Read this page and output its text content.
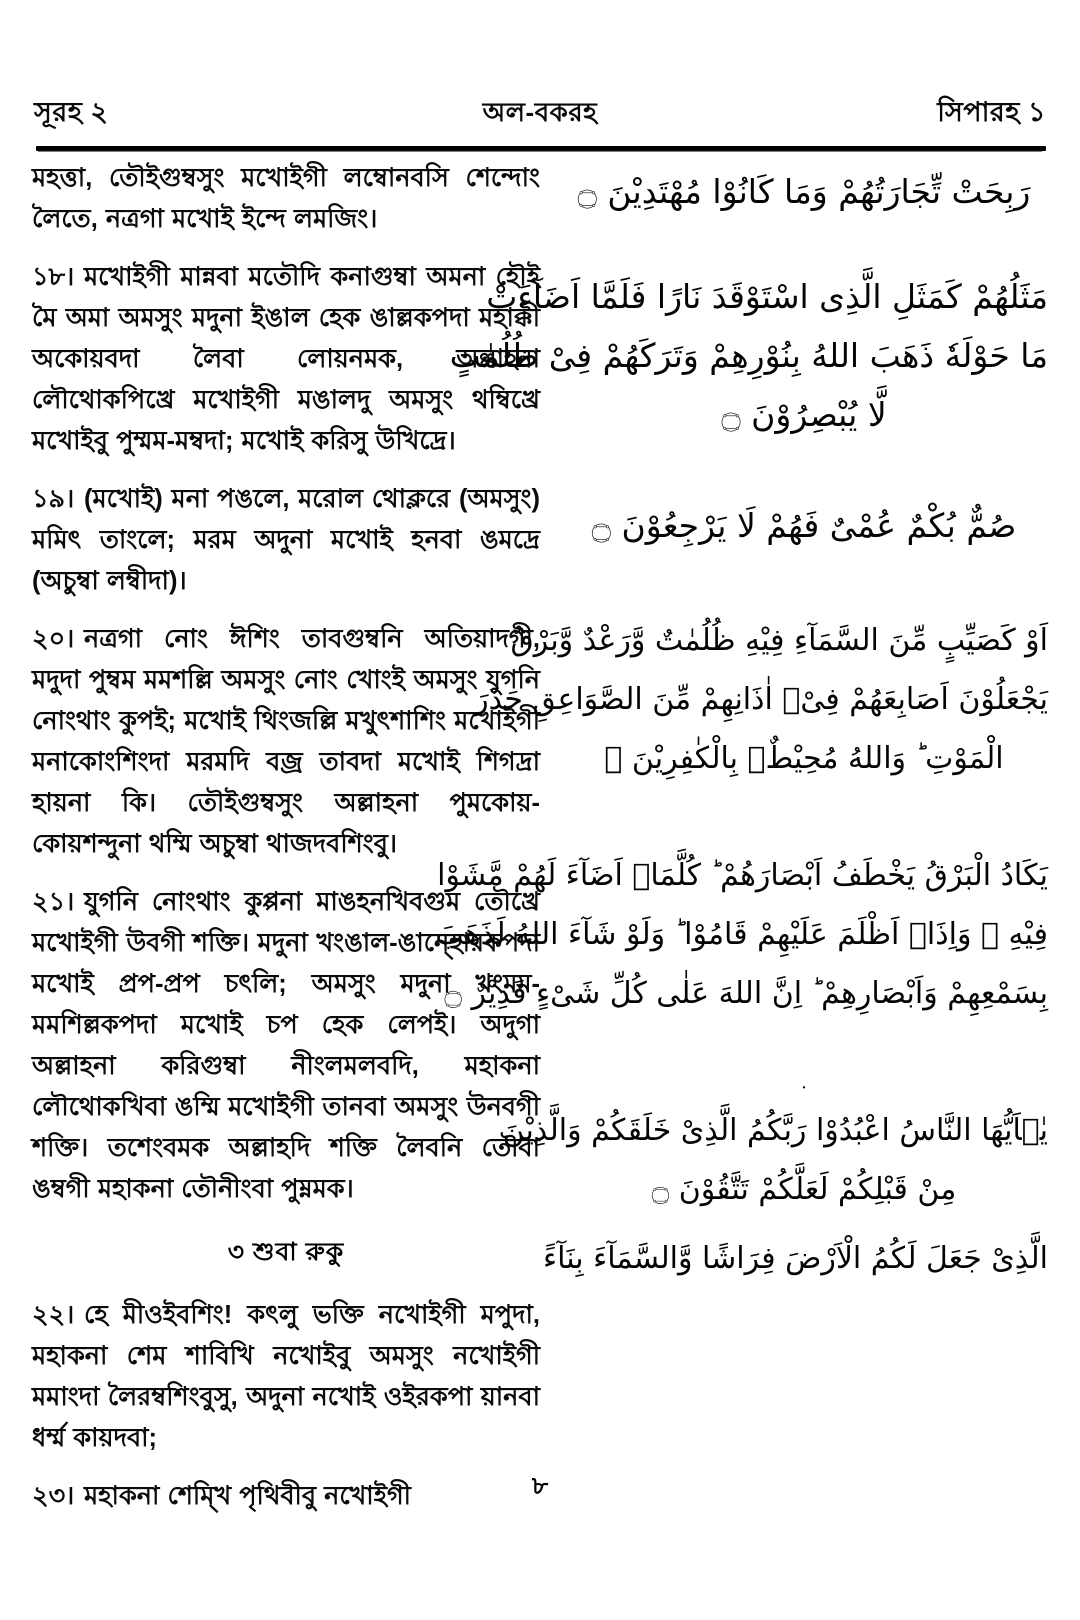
সূরহ ২	অল-বকরহ	সিপারহ ১

মহত্তা, তৌইগুম্বসুং মখোইগী লম্বোনবসি শেন্দোং লৈতে, নত্রগা মখোই ইন্দে লমজিং।

১৮। মখোইগী মান্নবা মতৌদি কনাগুম্বা অমনা হৌই মৈ অমা অমসুং মদুনা ইঙাল হেক ঙাল্লকপদা মহাক্কী অকোয়বদা লৈবা লোয়নমক, অল্লাহনা লৌথোকপিখ্রে মখোইগী মঙালদু অমসুং থম্বিখ্রে মখোইবু পুম্মম-মম্বদা; মখোই করিসু উখিদ্রে।

১৯। (মখোই) মনা পঙলে, মরোল থোক্লরে (অমসুং) মমিৎ তাংলে; মরম অদুনা মখোই হনবা ঙমদ্রে (অচুম্বা লম্বীদা)।

২০। নত্রগা নোং ঈশিং তাবগুম্বনি অতিয়াদগী, মদুদা পুম্বম মমশল্লি অমসুং নোং খোংই অমসুং যুগনি নোংথাং কুপই; মখোই থিংজল্লি মখুৎশাশিং মখোইগী মনাকোংশিংদা মরমদি বজ্র তাবদা মখোই শিগদ্রা হায়না কি। তৌইগুম্বসুং অল্লাহনা পুমকোয়-কোয়শন্দুনা থম্মি অচুম্বা থাজদবশিংবু।

২১। যুগনি নোংথাং কুপ্পনা মাঙহনখিবগুম তৌখ্রে মখোইগী উবগী শক্তি। মদুনা খংঙাল-ঙান্হোরকপদা মখোই প্রপ-প্রপ চৎলি; অমসুং মদুনা খংমম-মমশিল্লকপদা মখোই চপ হেক লেপই। অদুগা অল্লাহনা করিগুম্বা নীংলমলবদি, মহাকনা লৌথোকখিবা ঙম্মি মখোইগী তানবা অমসুং উনবগী শক্তি। তশেংবমক অল্লাহদি শক্তি লৈবনি তৌবা ঙম্বগী মহাকনা তৌনীংবা পুম্নমক।

৩ শুবা রুকু

২২। হে মীওইবশিং! কৎলু ভক্তি নখোইগী মপুদা, মহাকনা শেম শাবিখি নখোইবু অমসুং নখোইগী মমাংদা লৈরম্বশিংবুসু, অদুনা নখোই ওইরকপা য়ানবা ধর্ম্ম কায়দবা;

২৩। মহাকনা শেম্খি পৃথিবীবু নখোইগী

رَبِحَتْ تِّجَارَتُهُمْ وَمَا كَانُوْا مُهْتَدِيْنَ ۝
مَثَلُهُمْ كَمَثَلِ الَّذِى اسْتَوْقَدَ نَارًا فَلَمَّا اَضَآءَتْ
مَا حَوْلَهٗ ذَهَبَ اللهُ بِنُوْرِهِمْ وَتَرَكَهُمْ فِىْ ظُلُمٰتٍ
لَّا يُبْصِرُوْنَ ۝
صُمٌّ بُكْمٌ عُمْىٌ فَهُمْ لَا يَرْجِعُوْنَ ۝
اَوْ كَصَيِّبٍ مِّنَ السَّمَآءِ فِيْهِ ظُلُمٰتٌ وَّرَعْدٌ وَّبَرْقٌ
يَجْعَلُوْنَ اَصَابِعَهُمْ فِىْۤ اٰذَانِهِمْ مِّنَ الصَّوَاعِقِ حَذَرَ
الْمَوْتِ ؕ وَاللهُ مُحِيْطٌۢ بِالْكٰفِرِيْنَ ۝
يَكَادُ الْبَرْقُ يَخْطَفُ اَبْصَارَهُمْ ؕ كُلَّمَاۤ اَضَآءَ لَهُمْ مَّشَوْا
فِيْهِ ۙ وَاِذَاۤ اَظْلَمَ عَلَيْهِمْ قَامُوْا ؕ وَلَوْ شَآءَ اللهُ لَذَهَبَ
بِسَمْعِهِمْ وَاَبْصَارِهِمْ ؕ اِنَّ اللهَ عَلٰى كُلِّ شَىْءٍ قَدِيْرٌ ۝
·
يٰۤاَيُّهَا النَّاسُ اعْبُدُوْا رَبَّكُمُ الَّذِىْ خَلَقَكُمْ وَالَّذِيْنَ
مِنْ قَبْلِكُمْ لَعَلَّكُمْ تَتَّقُوْنَ ۝
الَّذِىْ جَعَلَ لَكُمُ الْاَرْضَ فِرَاشًا وَّالسَّمَآءَ بِنَآءً
৮
